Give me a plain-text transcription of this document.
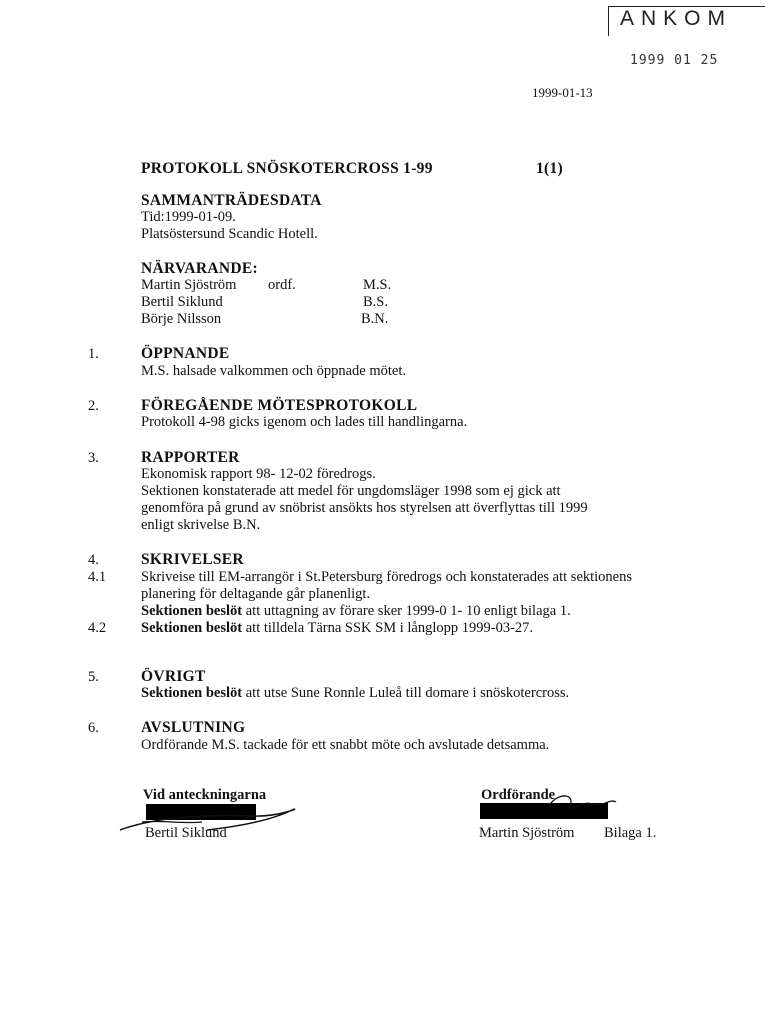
ANKOM
1999 01 25
1999-01-13
PROTOKOLL SNÖSKOTERCROSS 1-99	1(1)
SAMMANTRÄDESDATA
Tid:1999-01-09.
Platsöstersund Scandic Hotell.
NÄRVARANDE:
Martin Sjöström ordf.	M.S.
Bertil Siklund	B.S.
Börje Nilsson	B.N.
1.	ÖPPNANDE
M.S. halsade valkommen och öppnade mötet.
2.	FÖREGÅENDE MÖTESPROTOKOLL
Protokoll 4-98 gicks igenom och lades till handlingarna.
3.	RAPPORTER
Ekonomisk rapport 98- 12-02 föredrogs.
Sektionen konstaterade att medel för ungdomsläger 1998 som ej gick att
genomföra på grund av snöbrist ansökts hos styrelsen att överflyttas till 1999
enligt skrivelse B.N.
4.	SKRIVELSER
4.1 Skriveise till EM-arrangör i St.Petersburg föredrogs och konstaterades att sektionens
planering för deltagande går planenligt.
Sektionen beslöt att uttagning av förare sker 1999-0 1- 10 enligt bilaga 1.
4.2 Sektionen beslöt att tilldela Tärna SSK SM i långlopp 1999-03-27.
5.	ÖVRIGT
Sektionen beslöt att utse Sune Ronnle Luleå till domare i snöskotercross.
6.	AVSLUTNING
Ordförande M.S. tackade för ett snabbt möte och avslutade detsamma.
Vid anteckningarna
Bertil Siklund
Ordförande
Martin Sjöström Bilaga 1.
